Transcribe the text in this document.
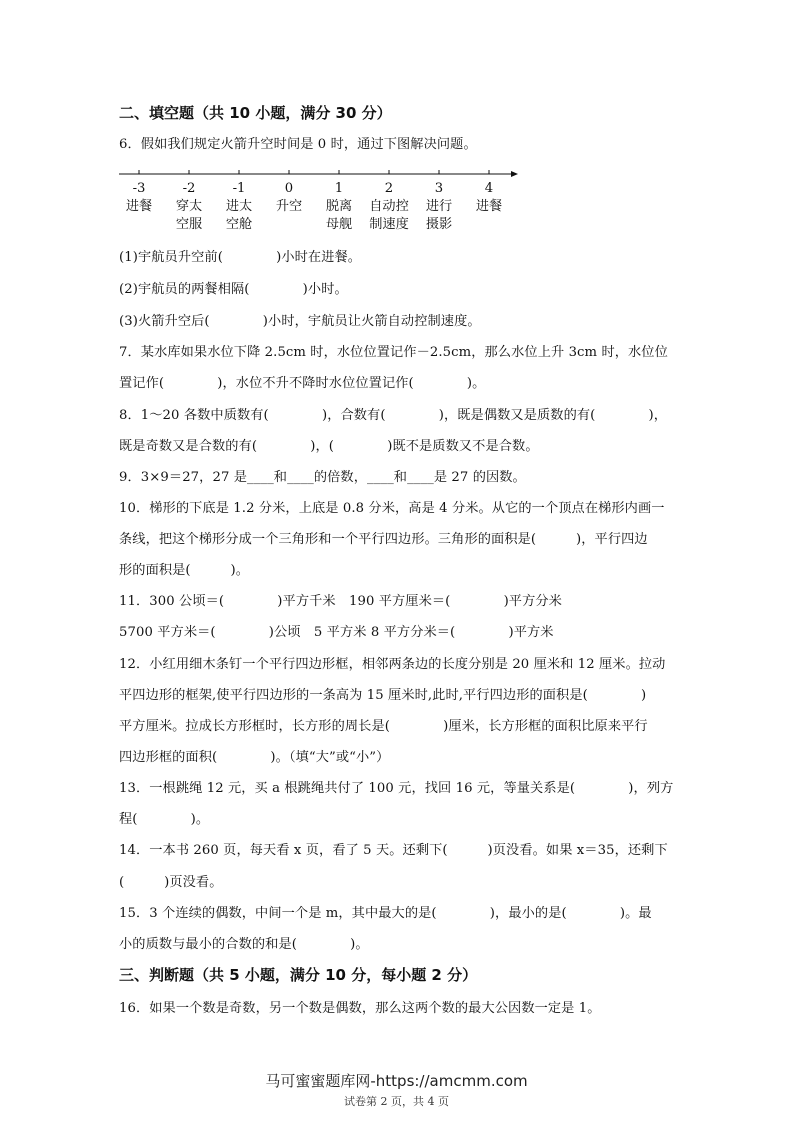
二、填空题（共 10 小题，满分 30 分）
6．假如我们规定火箭升空时间是 0 时，通过下图解决问题。
-3
进餐
-2
穿太
空服
-1
进太
空舱
0
升空
1
脱离
母舰
2
自动控
制速度
3
进行
摄影
4
进餐
(1)宇航员升空前(　　　　)小时在进餐。
(2)宇航员的两餐相隔(　　　　)小时。
(3)火箭升空后(　　　　)小时，宇航员让火箭自动控制速度。
7．某水库如果水位下降 2.5cm 时，水位位置记作－2.5cm，那么水位上升 3cm 时，水位位
置记作(　　　　)，水位不升不降时水位位置记作(　　　　)。
8．1～20 各数中质数有(　　　　)，合数有(　　　　)，既是偶数又是质数的有(　　　　)，
既是奇数又是合数的有(　　　　)，(　　　　)既不是质数又不是合数。
9．3×9＝27，27 是____和____的倍数，____和____是 27 的因数。
10．梯形的下底是 1.2 分米，上底是 0.8 分米，高是 4 分米。从它的一个顶点在梯形内画一
条线，把这个梯形分成一个三角形和一个平行四边形。三角形的面积是(　　　)，平行四边
形的面积是(　　　)。
11．300 公顷＝(　　　　)平方千米　190 平方厘米＝(　　　　)平方分米
5700 平方米＝(　　　　)公顷　5 平方米 8 平方分米＝(　　　　)平方米
12．小红用细木条钉一个平行四边形框，相邻两条边的长度分别是 20 厘米和 12 厘米。拉动
平四边形的框架,使平行四边形的一条高为 15 厘米时,此时,平行四边形的面积是(　　　　)
平方厘米。拉成长方形框时，长方形的周长是(　　　　)厘米，长方形框的面积比原来平行
四边形框的面积(　　　　)。（填“大”或“小”）
13．一根跳绳 12 元，买 a 根跳绳共付了 100 元，找回 16 元，等量关系是(　　　　)，列方
程(　　　　)。
14．一本书 260 页，每天看 x 页，看了 5 天。还剩下(　　　)页没看。如果 x＝35，还剩下
(　　　)页没看。
15．3 个连续的偶数，中间一个是 m，其中最大的是(　　　　)，最小的是(　　　　)。最
小的质数与最小的合数的和是(　　　　)。
三、判断题（共 5 小题，满分 10 分，每小题 2 分）
16．如果一个数是奇数，另一个数是偶数，那么这两个数的最大公因数一定是 1。
马可蜜蜜题库网-https://amcmm.com
试卷第 2 页，共 4 页
